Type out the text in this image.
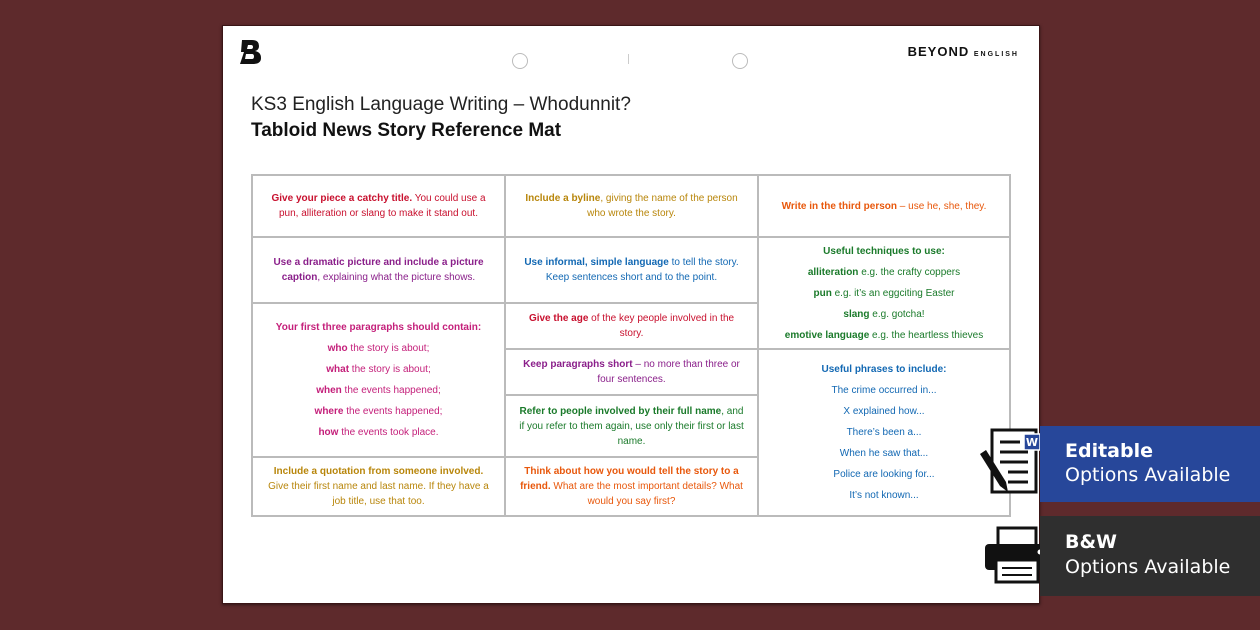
BEYOND ENGLISH
KS3 English Language Writing – Whodunnit?
Tabloid News Story Reference Mat
Give your piece a catchy title. You could use a pun, alliteration or slang to make it stand out.
Use a dramatic picture and include a picture caption, explaining what the picture shows.

Your first three paragraphs should contain:

who the story is about;

what the story is about;

when the events happened;

where the events happened;

how the events took place.

Include a quotation from someone involved. Give their first name and last name. If they have a job title, use that too.
Include a byline, giving the name of the person who wrote the story.
Use informal, simple language to tell the story. Keep sentences short and to the point.
Give the age of the key people involved in the story.
Keep paragraphs short – no more than three or four sentences.
Refer to people involved by their full name, and if you refer to them again, use only their first or last name.
Think about how you would tell the story to a friend. What are the most important details? What would you say first?
Write in the third person – use he, she, they.

Useful techniques to use:

alliteration e.g. the crafty coppers

pun e.g. it’s an eggciting Easter

slang e.g. gotcha!

emotive language e.g. the heartless thieves

Useful phrases to include:

The crime occurred in...

X explained how...

There’s been a...

When he saw that...

Police are looking for...

It’s not known...

W Editable
Options Available
B&W
Options Available
